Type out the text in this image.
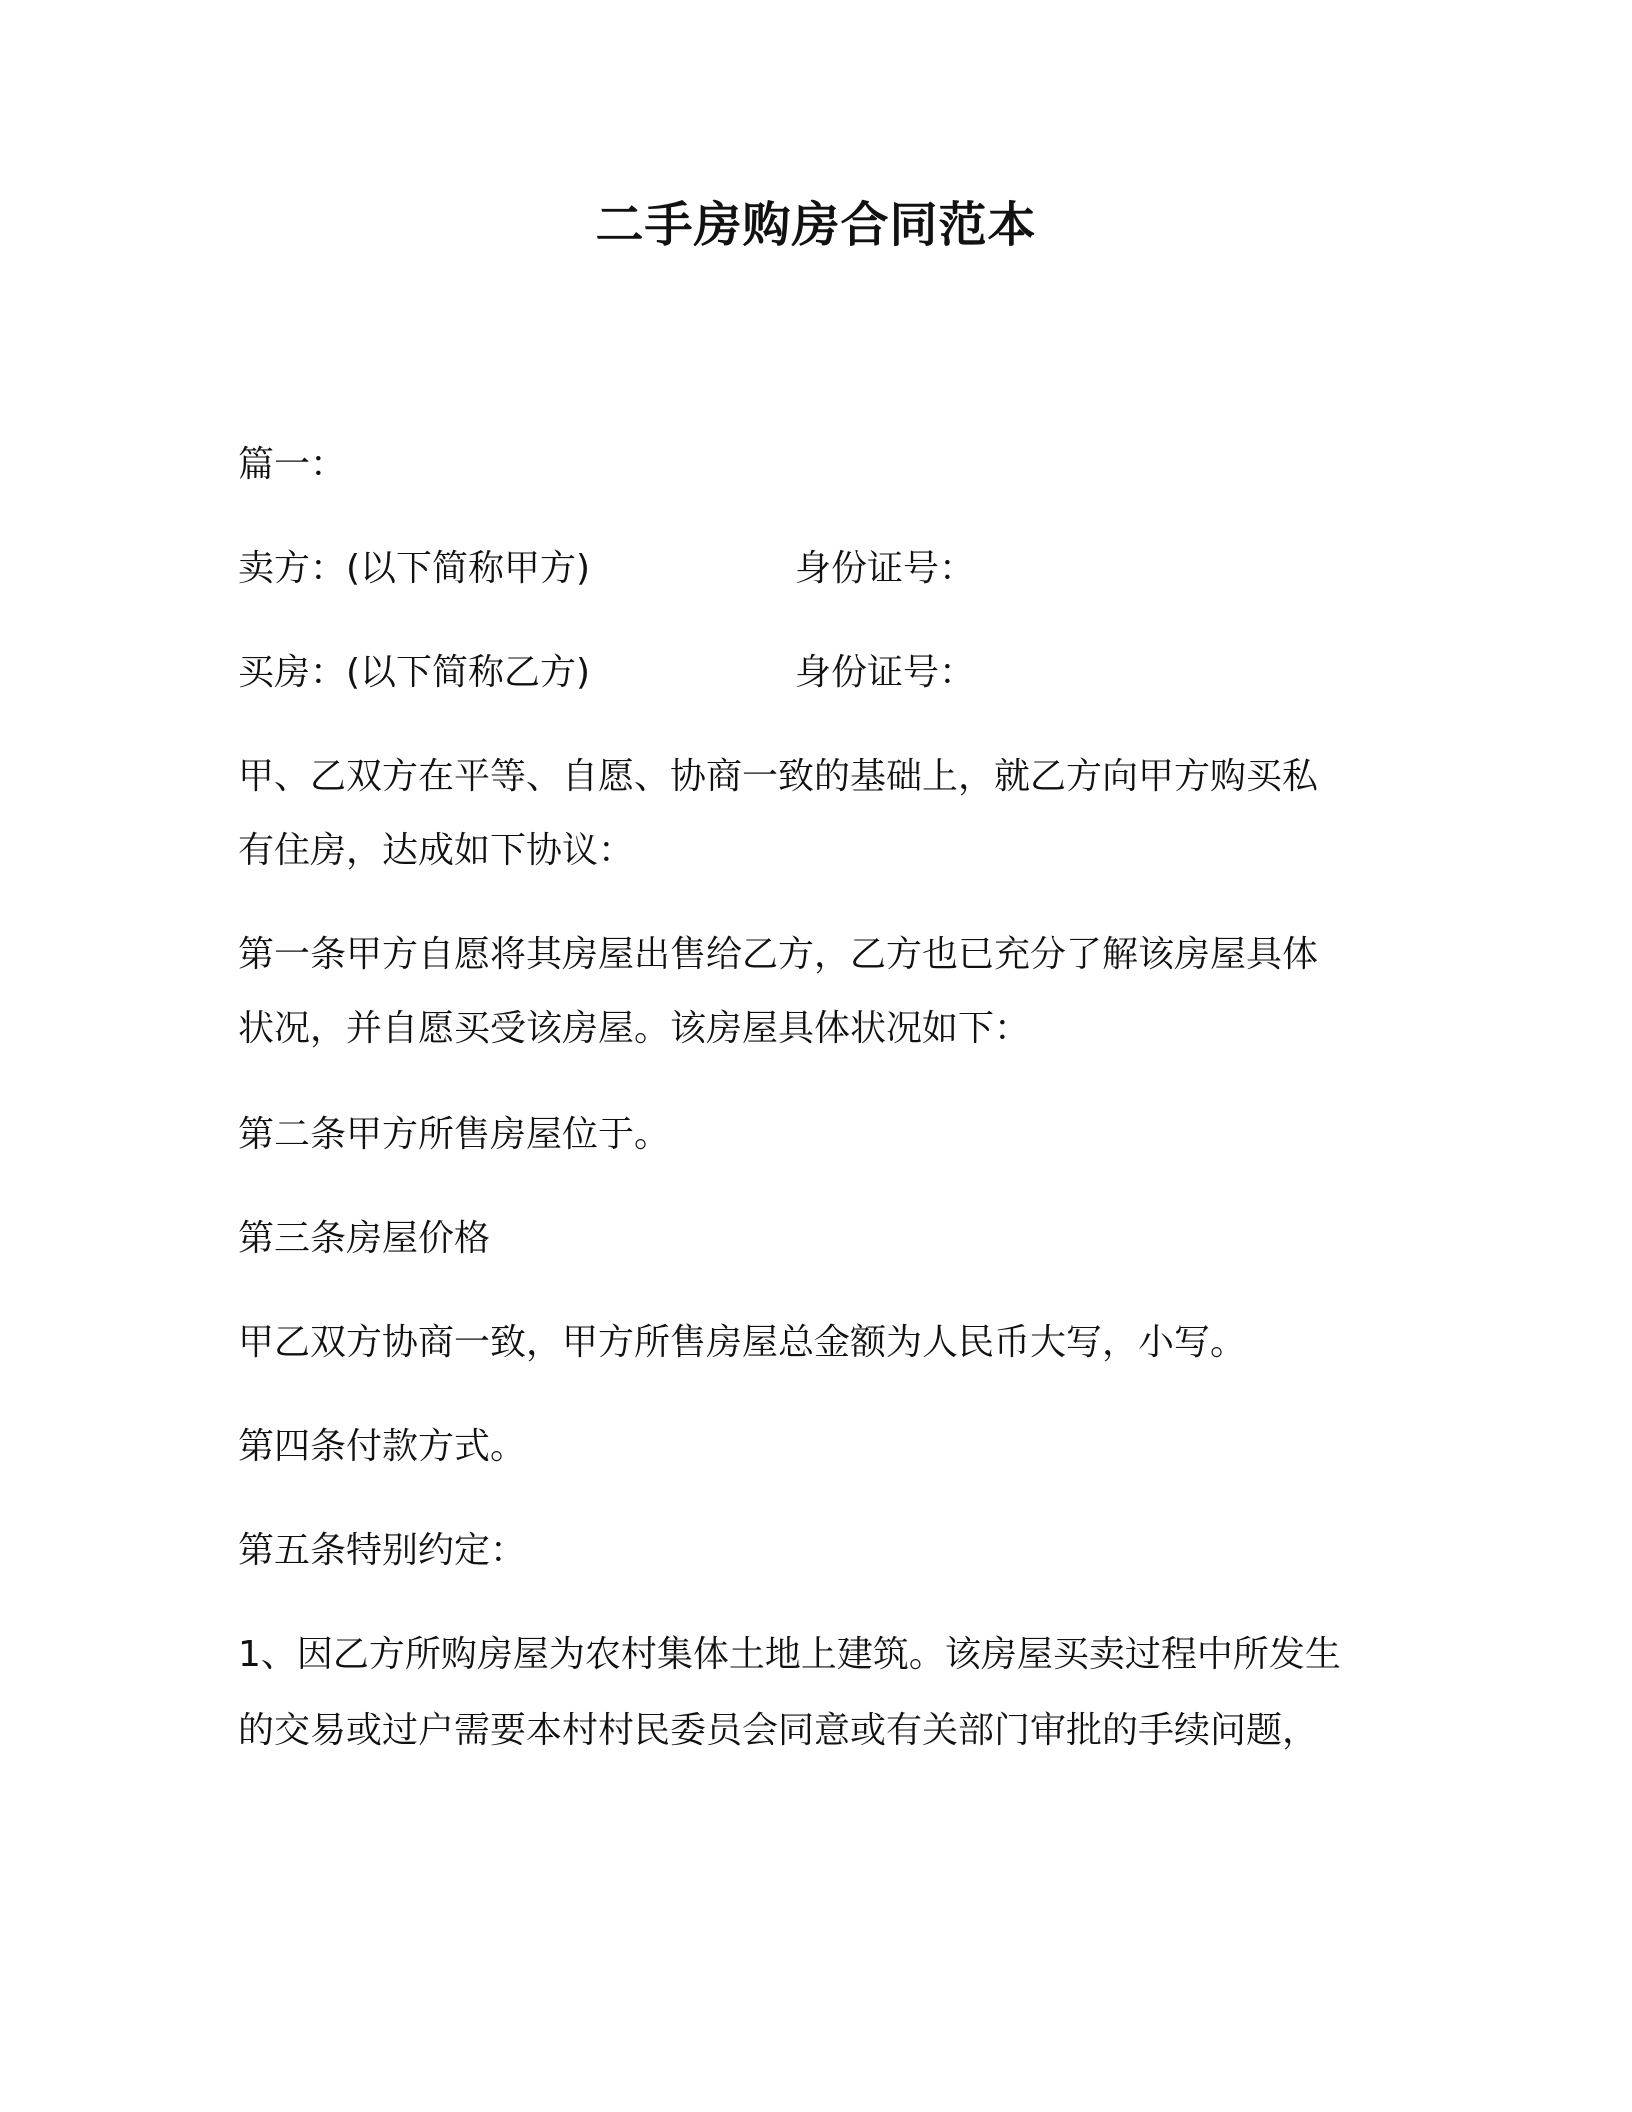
二手房购房合同范本
篇一：
卖方：(以下简称甲方)	身份证号：
买房：(以下简称乙方)	身份证号：
甲、乙双方在平等、自愿、协商一致的基础上，就乙方向甲方购买私
有住房，达成如下协议：
第一条甲方自愿将其房屋出售给乙方，乙方也已充分了解该房屋具体
状况，并自愿买受该房屋。该房屋具体状况如下：
第二条甲方所售房屋位于。
第三条房屋价格
甲乙双方协商一致，甲方所售房屋总金额为人民币大写，小写。
第四条付款方式。
第五条特别约定：
1、因乙方所购房屋为农村集体土地上建筑。该房屋买卖过程中所发生
的交易或过户需要本村村民委员会同意或有关部门审批的手续问题，
